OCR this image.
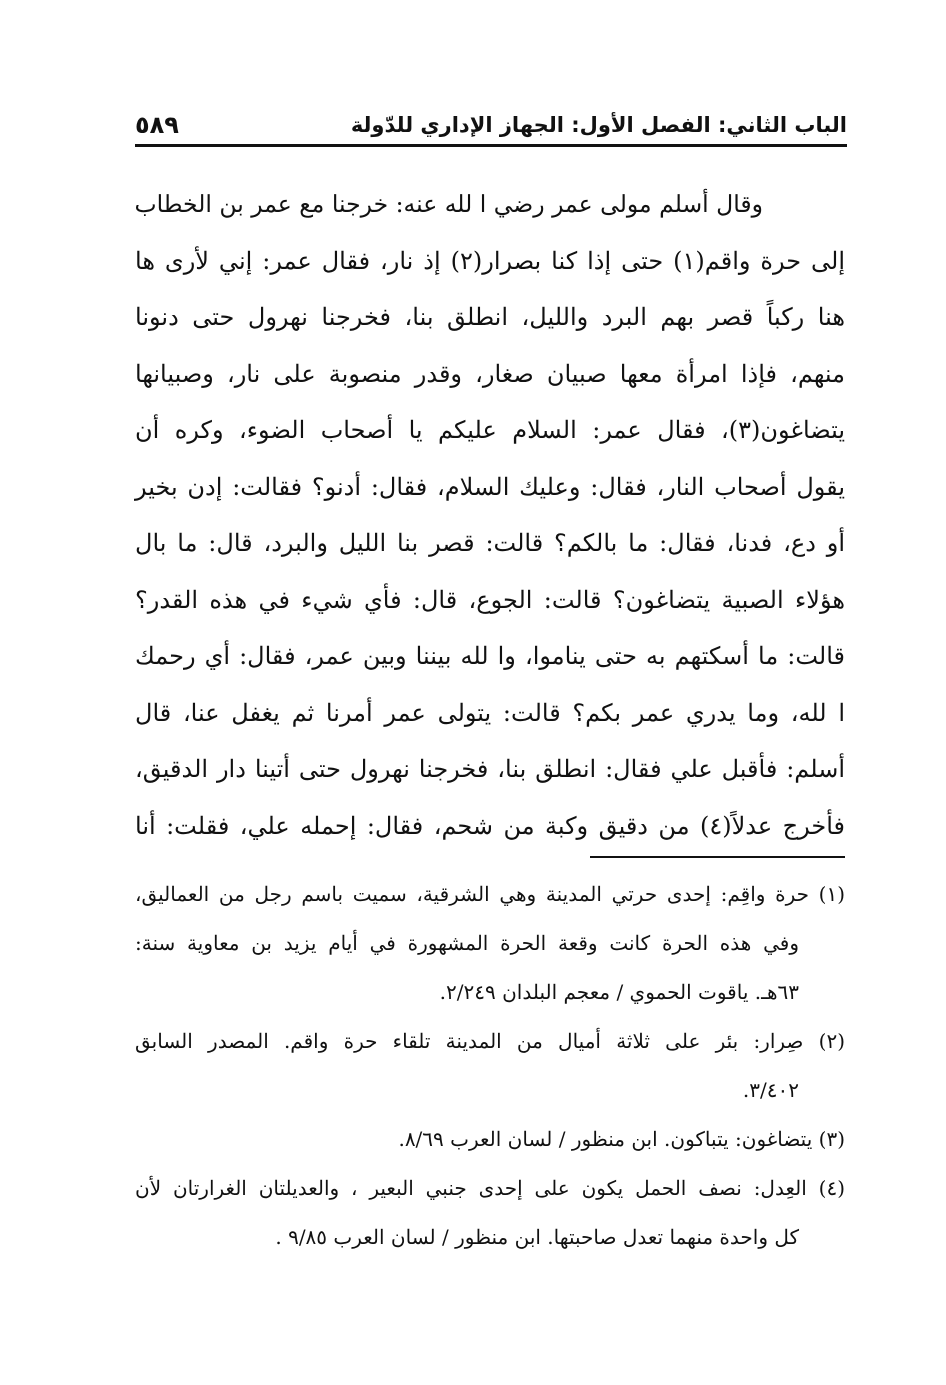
الباب الثاني: الفصل الأول: الجهاز الإداري للدّولة
٥٨٩
وقال أسلم مولى عمر رضي ا لله عنه: خرجنا مع عمر بن الخطاب
إلى حرة واقم(١) حتى إذا كنا بصرار(٢) إذ نار، فقال عمر: إني لأرى ها
هنا ركباً قصر بهم البرد والليل، انطلق بنا، فخرجنا نهرول حتى دنونا
منهم، فإذا امرأة معها صبيان صغار، وقدر منصوبة على نار، وصبيانها
يتضاغون(٣)، فقال عمر: السلام عليكم يا أصحاب الضوء، وكره أن
يقول أصحاب النار، فقال: وعليك السلام، فقال: أدنو؟ فقالت: إدن بخير
أو دع، فدنا، فقال: ما بالكم؟ قالت: قصر بنا الليل والبرد، قال: ما بال
هؤلاء الصبية يتضاغون؟ قالت: الجوع، قال: فأي شيء في هذه القدر؟
قالت: ما أسكتهم به حتى يناموا، وا لله بيننا وبين عمر، فقال: أي رحمك
ا لله، وما يدري عمر بكم؟ قالت: يتولى عمر أمرنا ثم يغفل عنا، قال
أسلم: فأقبل علي فقال: انطلق بنا، فخرجنا نهرول حتى أتينا دار الدقيق،
فأخرج عدلاً(٤) من دقيق وكبة من شحم، فقال: إحمله علي، فقلت: أنا
(١) حرة واقِم: إحدى حرتي المدينة وهي الشرقية، سميت باسم رجل من العماليق،
وفي هذه الحرة كانت وقعة الحرة المشهورة في أيام يزيد بن معاوية سنة:
٦٣هـ. ياقوت الحموي / معجم البلدان ٢/٢٤٩.
(٢) صِرار: بئر على ثلاثة أميال من المدينة تلقاء حرة واقم. المصدر السابق
٣/٤٠٢.
(٣) يتضاغون: يتباكون. ابن منظور / لسان العرب ٨/٦٩.
(٤) العِدل: نصف الحمل يكون على إحدى جنبي البعير ، والعديلتان الغرارتان لأن
كل واحدة منهما تعدل صاحبتها. ابن منظور / لسان العرب ٩/٨٥ .
